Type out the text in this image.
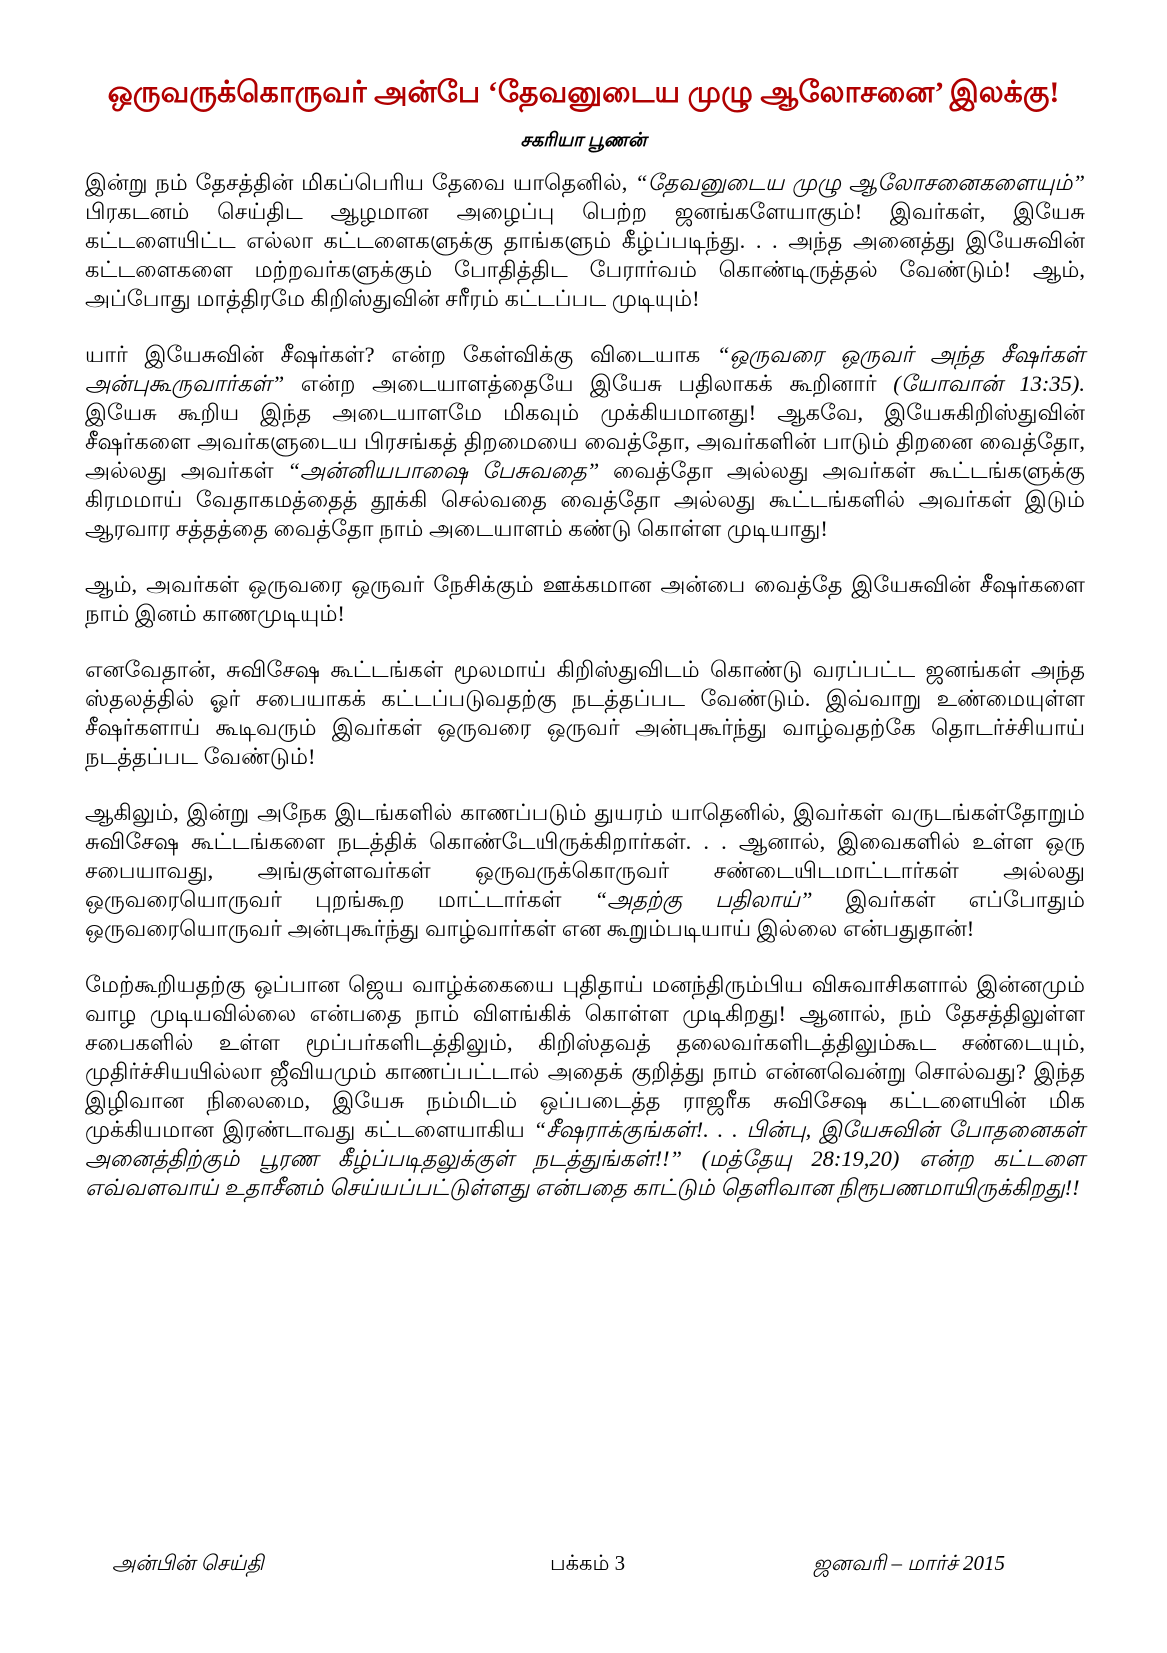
ஒருவருக்கொருவர் அன்பே ‘தேவனுடைய முழு ஆலோசனை’ இலக்கு!
சகரியா பூணன்

இன்று நம் தேசத்தின் மிகப்பெரிய தேவை யாதெனில், “தேவனுடைய முழு ஆலோசனைகளையும்” பிரகடனம் செய்திட ஆழமான அழைப்பு பெற்ற ஜனங்களேயாகும்! இவர்கள், இயேசு கட்டளையிட்ட எல்லா கட்டளைகளுக்கு தாங்களும் கீழ்ப்படிந்து. . . அந்த அனைத்து இயேசுவின் கட்டளைகளை மற்றவர்களுக்கும் போதித்திட பேரார்வம் கொண்டிருத்தல் வேண்டும்! ஆம், அப்போது மாத்திரமே கிறிஸ்துவின் சரீரம் கட்டப்பட முடியும்!

யார் இயேசுவின் சீஷர்கள்? என்ற கேள்விக்கு விடையாக “ஒருவரை ஒருவர் அந்த சீஷர்கள் அன்புகூருவார்கள்” என்ற அடையாளத்தையே இயேசு பதிலாகக் கூறினார் (யோவான் 13:35). இயேசு கூறிய இந்த அடையாளமே மிகவும் முக்கியமானது! ஆகவே, இயேசுகிறிஸ்துவின் சீஷர்களை அவர்களுடைய பிரசங்கத் திறமையை வைத்தோ, அவர்களின் பாடும் திறனை வைத்தோ, அல்லது அவர்கள் “அன்னியபாஷை பேசுவதை” வைத்தோ அல்லது அவர்கள் கூட்டங்களுக்கு கிரமமாய் வேதாகமத்தைத் தூக்கி செல்வதை வைத்தோ அல்லது கூட்டங்களில் அவர்கள் இடும் ஆரவார சத்தத்தை வைத்தோ நாம் அடையாளம் கண்டு கொள்ள முடியாது!

ஆம், அவர்கள் ஒருவரை ஒருவர் நேசிக்கும் ஊக்கமான அன்பை வைத்தே இயேசுவின் சீஷர்களை நாம் இனம் காணமுடியும்!

எனவேதான், சுவிசேஷ கூட்டங்கள் மூலமாய் கிறிஸ்துவிடம் கொண்டு வரப்பட்ட ஜனங்கள் அந்த ஸ்தலத்தில் ஓர் சபையாகக் கட்டப்படுவதற்கு நடத்தப்பட வேண்டும். இவ்வாறு உண்மையுள்ள சீஷர்களாய் கூடிவரும் இவர்கள் ஒருவரை ஒருவர் அன்புகூர்ந்து வாழ்வதற்கே தொடர்ச்சியாய் நடத்தப்பட வேண்டும்!

ஆகிலும், இன்று அநேக இடங்களில் காணப்படும் துயரம் யாதெனில், இவர்கள் வருடங்கள்தோறும் சுவிசேஷ கூட்டங்களை நடத்திக் கொண்டேயிருக்கிறார்கள். . . ஆனால், இவைகளில் உள்ள ஒரு சபையாவது, அங்குள்ளவர்கள் ஒருவருக்கொருவர் சண்டையிடமாட்டார்கள் அல்லது ஒருவரையொருவர் புறங்கூற மாட்டார்கள் “அதற்கு பதிலாய்” இவர்கள் எப்போதும் ஒருவரையொருவர் அன்புகூர்ந்து வாழ்வார்கள் என கூறும்படியாய் இல்லை என்பதுதான்!

மேற்கூறியதற்கு ஒப்பான ஜெய வாழ்க்கையை புதிதாய் மனந்திரும்பிய விசுவாசிகளால் இன்னமும் வாழ முடியவில்லை என்பதை நாம் விளங்கிக் கொள்ள முடிகிறது! ஆனால், நம் தேசத்திலுள்ள சபைகளில் உள்ள மூப்பர்களிடத்திலும், கிறிஸ்தவத் தலைவர்களிடத்திலும்கூட சண்டையும், முதிர்ச்சியயில்லா ஜீவியமும் காணப்பட்டால் அதைக் குறித்து நாம் என்னவென்று சொல்வது? இந்த இழிவான நிலைமை, இயேசு நம்மிடம் ஒப்படைத்த ராஜரீக சுவிசேஷ கட்டளையின் மிக முக்கியமான இரண்டாவது கட்டளையாகிய “சீஷராக்குங்கள்!. . . பின்பு, இயேசுவின் போதனைகள் அனைத்திற்கும் பூரண கீழ்ப்படிதலுக்குள் நடத்துங்கள்!!” (மத்தேயு 28:19,20) என்ற கட்டளை எவ்வளவாய் உதாசீனம் செய்யப்பட்டுள்ளது என்பதை காட்டும் தெளிவான நிரூபணமாயிருக்கிறது!!

அன்பின் செய்தி	பக்கம் 3	ஜனவரி – மார்ச் 2015
